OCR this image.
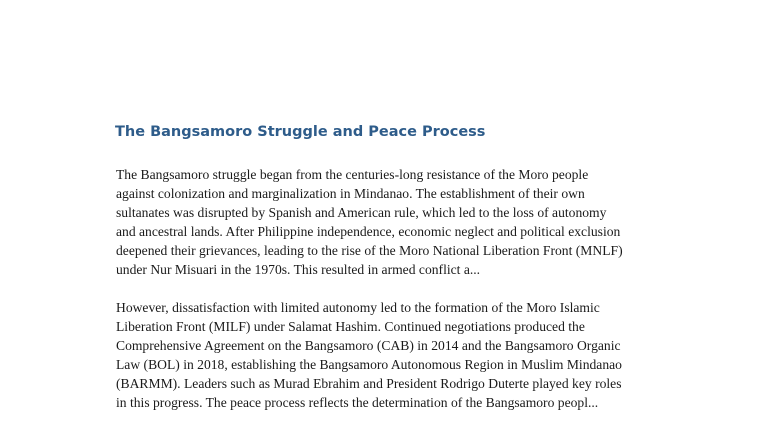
The Bangsamoro Struggle and Peace Process

The Bangsamoro struggle began from the centuries-long resistance of the Moro people
against colonization and marginalization in Mindanao. The establishment of their own
sultanates was disrupted by Spanish and American rule, which led to the loss of autonomy
and ancestral lands. After Philippine independence, economic neglect and political exclusion
deepened their grievances, leading to the rise of the Moro National Liberation Front (MNLF)
under Nur Misuari in the 1970s. This resulted in armed conflict a...

However, dissatisfaction with limited autonomy led to the formation of the Moro Islamic
Liberation Front (MILF) under Salamat Hashim. Continued negotiations produced the
Comprehensive Agreement on the Bangsamoro (CAB) in 2014 and the Bangsamoro Organic
Law (BOL) in 2018, establishing the Bangsamoro Autonomous Region in Muslim Mindanao
(BARMM). Leaders such as Murad Ebrahim and President Rodrigo Duterte played key roles
in this progress. The peace process reflects the determination of the Bangsamoro peopl...
